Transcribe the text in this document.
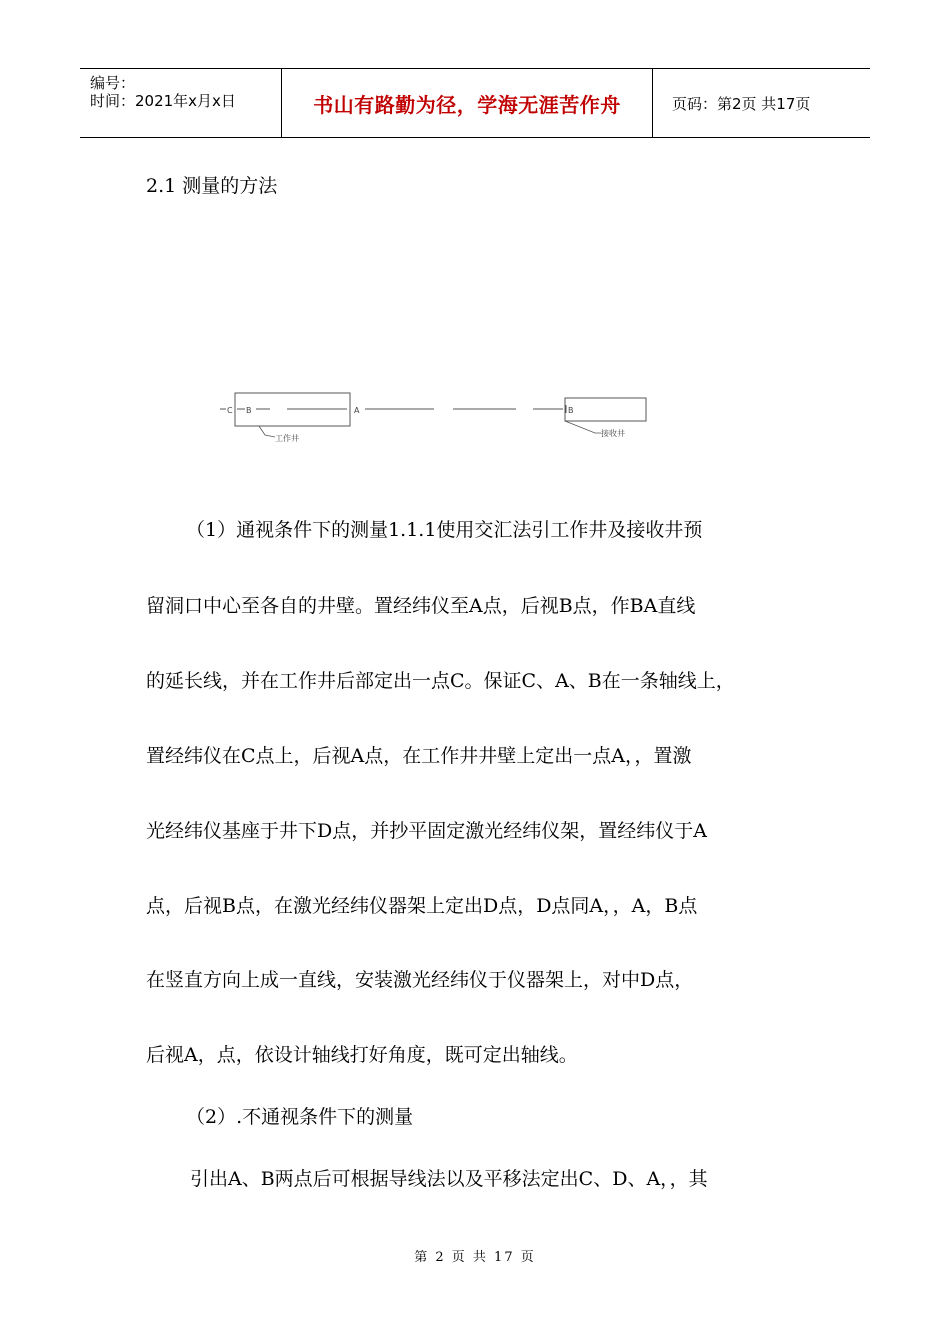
编号：
时间：2021年x月x日	书山有路勤为径，学海无涯苦作舟	页码：第2页 共17页
2.1 测量的方法
C B	A	B
工作井
接收井
（1）通视条件下的测量1.1.1使用交汇法引工作井及接收井预
留洞口中心至各自的井壁。置经纬仪至A点，后视B点，作BA直线
的延长线，并在工作井后部定出一点C。保证C、A、B在一条轴线上，
置经纬仪在C点上，后视A点，在工作井井壁上定出一点A，，置激
光经纬仪基座于井下D点，并抄平固定激光经纬仪架，置经纬仪于A
点，后视B点，在激光经纬仪器架上定出D点，D点同A，，A，B点
在竖直方向上成一直线，安装激光经纬仪于仪器架上，对中D点，
后视A，点，依设计轴线打好角度，既可定出轴线。
（2）.不通视条件下的测量
引出A、B两点后可根据导线法以及平移法定出C、D、A，，其
第 2 页 共 17 页
